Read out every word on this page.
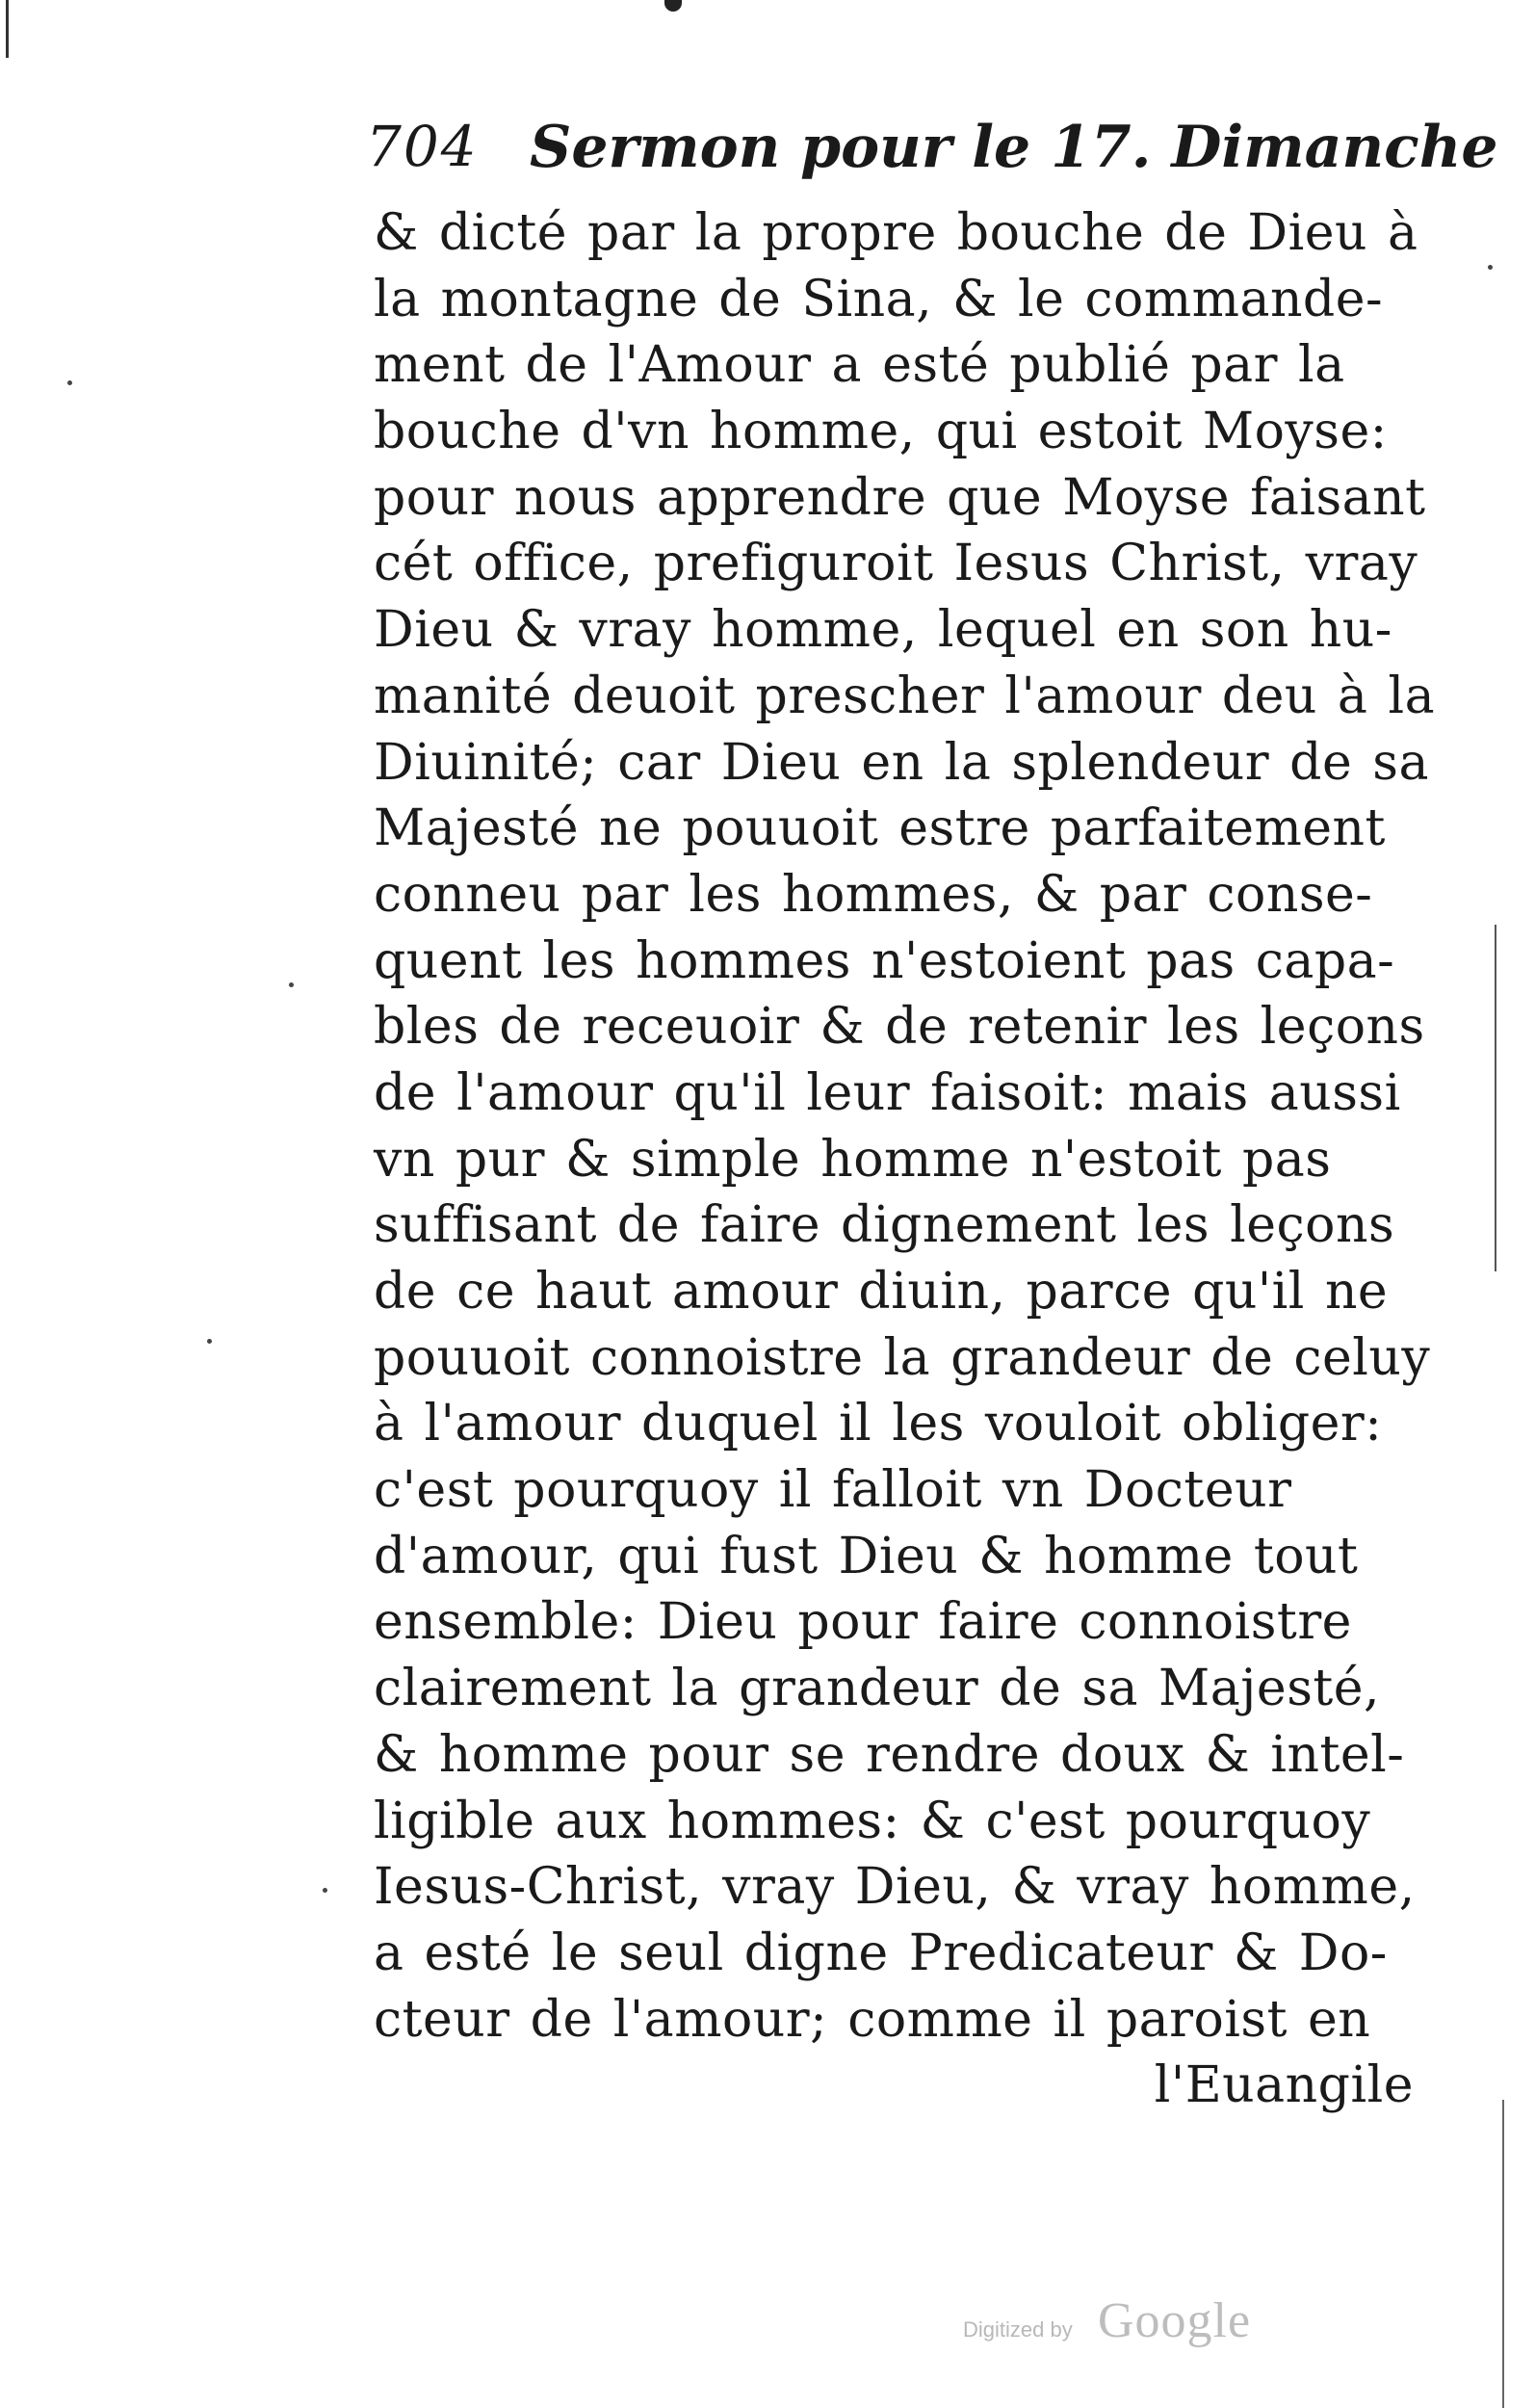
704 Sermon pour le 17. Dimanche
& dicté par la propre bouche de Dieu à
la montagne de Sina, & le commande-
ment de l'Amour a esté publié par la
bouche d'vn homme, qui estoit Moyse:
pour nous apprendre que Moyse faisant
cét office, prefiguroit Iesus Christ, vray
Dieu & vray homme, lequel en son hu-
manité deuoit prescher l'amour deu à la
Diuinité; car Dieu en la splendeur de sa
Majesté ne pouuoit estre parfaitement
conneu par les hommes, & par conse-
quent les hommes n'estoient pas capa-
bles de receuoir & de retenir les leçons
de l'amour qu'il leur faisoit: mais aussi
vn pur & simple homme n'estoit pas
suffisant de faire dignement les leçons
de ce haut amour diuin, parce qu'il ne
pouuoit connoistre la grandeur de celuy
à l'amour duquel il les vouloit obliger:
c'est pourquoy il falloit vn Docteur
d'amour, qui fust Dieu & homme tout
ensemble: Dieu pour faire connoistre
clairement la grandeur de sa Majesté,
& homme pour se rendre doux & intel-
ligible aux hommes: & c'est pourquoy
Iesus-Christ, vray Dieu, & vray homme,
a esté le seul digne Predicateur & Do-
cteur de l'amour; comme il paroist en
l'Euangile
Digitized by Google
